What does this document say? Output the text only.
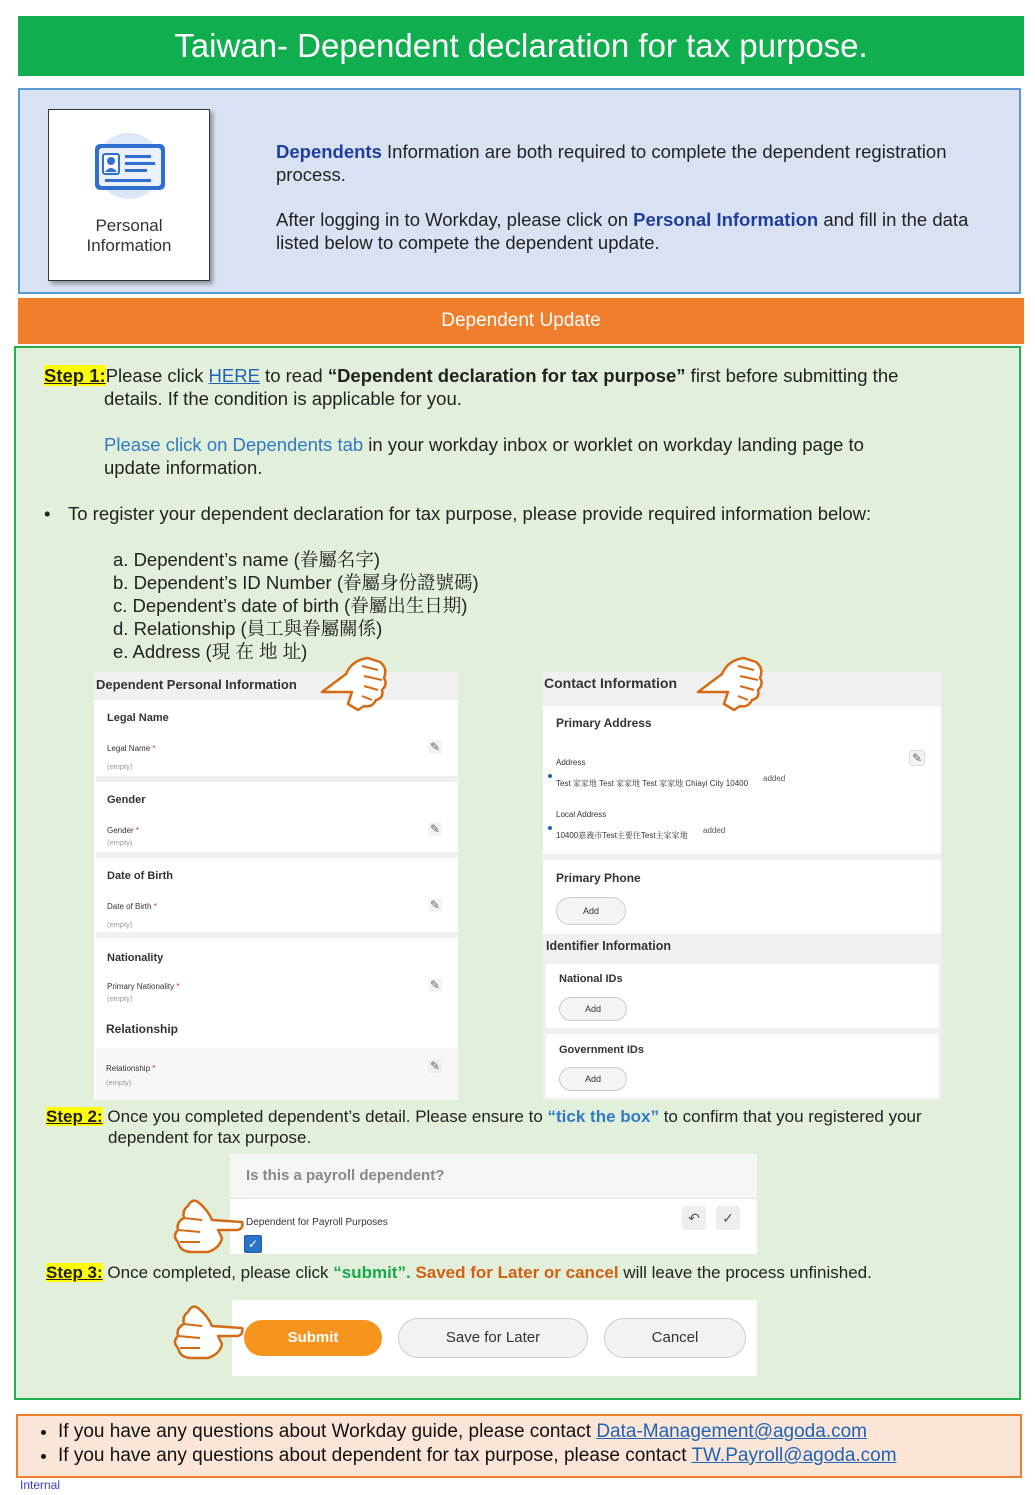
Taiwan- Dependent declaration for tax purpose.
Personal
Information

Dependents Information are both required to complete the dependent registration process.

After logging in to Workday, please click on Personal Information and fill in the data listed below to compete the dependent update.

Dependent Update
Step 1:Please click HERE to read “Dependent declaration for tax purpose” first before submitting the
details. If the condition is applicable for you.
Please click on Dependents tab in your workday inbox or worklet on workday landing page to
update information.
• To register your dependent declaration for tax purpose, please provide required information below:
a. Dependent’s name (眷屬名字)
b. Dependent’s ID Number (眷屬身份證號碼)
c. Dependent’s date of birth (眷屬出生日期)
d. Relationship (員工與眷屬關係)
e. Address (現 在 地 址)
Dependent Personal Information
Legal Name
Legal Name *
(empty)
✎
Gender
Gender *
(empty)
✎
Date of Birth
Date of Birth *
(empty)
✎
Nationality
Primary Nationality *
(empty)
✎
Relationship
Relationship *
(empty)
✎
Contact Information
Primary Address
Address
Test 家家地 Test 家家地 Test 家家地 Chiayi City 10400
added
✎
Local Address
10400嘉義市Test主要住Test主家家地
added
Primary Phone
Add
Identifier Information
National IDs
Add
Government IDs
Add
Step 2: Once you completed dependent’s detail. Please ensure to “tick the box” to confirm that you registered your
dependent for tax purpose.
Is this a payroll dependent?
Dependent for Payroll Purposes
✓
↶	✓
Step 3: Once completed, please click “submit”. Saved for Later or cancel will leave the process unfinished.
Submit	Save for Later	Cancel
• If you have any questions about Workday guide, please contact Data-Management@agoda.com
• If you have any questions about dependent for tax purpose, please contact TW.Payroll@agoda.com
Internal
